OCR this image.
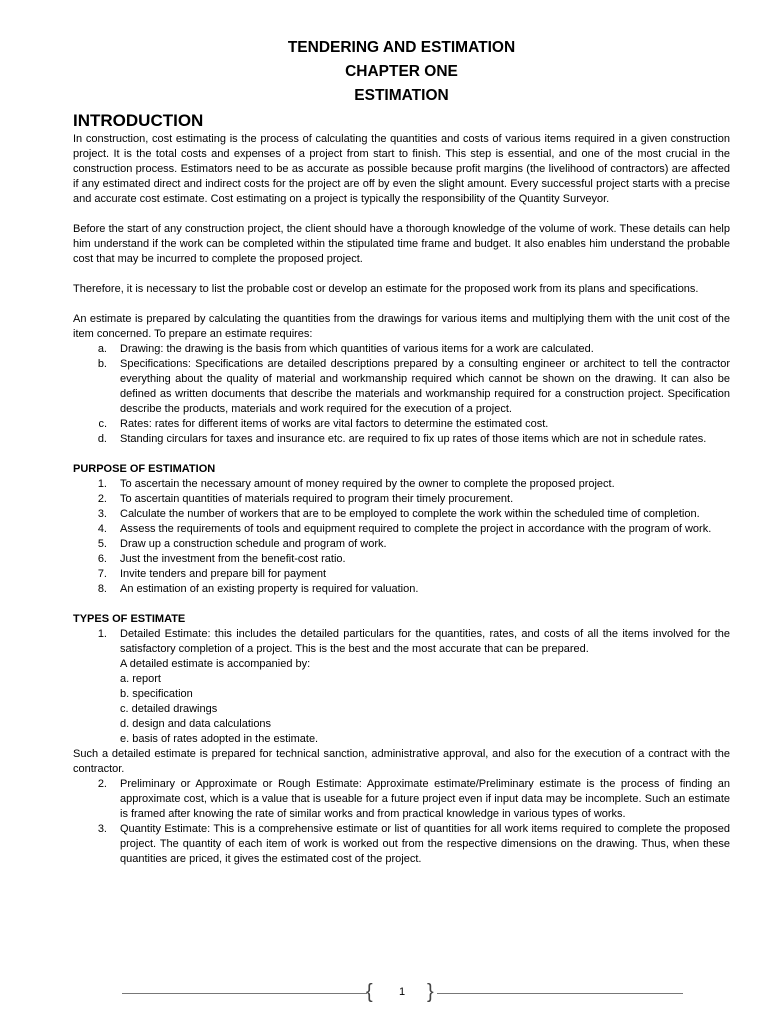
TENDERING AND ESTIMATION

CHAPTER ONE

ESTIMATION

INTRODUCTION

In construction, cost estimating is the process of calculating the quantities and costs of various items required in a given construction project. It is the total costs and expenses of a project from start to finish. This step is essential, and one of the most crucial in the construction process. Estimators need to be as accurate as possible because profit margins (the livelihood of contractors) are affected if any estimated direct and indirect costs for the project are off by even the slight amount. Every successful project starts with a precise and accurate cost estimate. Cost estimating on a project is typically the responsibility of the Quantity Surveyor.

Before the start of any construction project, the client should have a thorough knowledge of the volume of work. These details can help him understand if the work can be completed within the stipulated time frame and budget. It also enables him understand the probable cost that may be incurred to complete the proposed project.

Therefore, it is necessary to list the probable cost or develop an estimate for the proposed work from its plans and specifications.

An estimate is prepared by calculating the quantities from the drawings for various items and multiplying them with the unit cost of the item concerned. To prepare an estimate requires:

a. Drawing: the drawing is the basis from which quantities of various items for a work are calculated.
b. Specifications: Specifications are detailed descriptions prepared by a consulting engineer or architect to tell the contractor everything about the quality of material and workmanship required which cannot be shown on the drawing. It can also be defined as written documents that describe the materials and workmanship required for a construction project. Specification describe the products, materials and work required for the execution of a project.
c. Rates: rates for different items of works are vital factors to determine the estimated cost.
d. Standing circulars for taxes and insurance etc. are required to fix up rates of those items which are not in schedule rates.

PURPOSE OF ESTIMATION

1. To ascertain the necessary amount of money required by the owner to complete the proposed project.
2. To ascertain quantities of materials required to program their timely procurement.
3. Calculate the number of workers that are to be employed to complete the work within the scheduled time of completion.
4. Assess the requirements of tools and equipment required to complete the project in accordance with the program of work.
5. Draw up a construction schedule and program of work.
6. Just the investment from the benefit-cost ratio.
7. Invite tenders and prepare bill for payment
8. An estimation of an existing property is required for valuation.

TYPES OF ESTIMATE

1. Detailed Estimate: this includes the detailed particulars for the quantities, rates, and costs of all the items involved for the satisfactory completion of a project. This is the best and the most accurate that can be prepared.

A detailed estimate is accompanied by:

a. report

b. specification

c. detailed drawings

d. design and data calculations

e. basis of rates adopted in the estimate.

Such a detailed estimate is prepared for technical sanction, administrative approval, and also for the execution of a contract with the contractor.

2. Preliminary or Approximate or Rough Estimate: Approximate estimate/Preliminary estimate is the process of finding an approximate cost, which is a value that is useable for a future project even if input data may be incomplete. Such an estimate is framed after knowing the rate of similar works and from practical knowledge in various types of works.
3. Quantity Estimate: This is a comprehensive estimate or list of quantities for all work items required to complete the proposed project. The quantity of each item of work is worked out from the respective dimensions on the drawing. Thus, when these quantities are priced, it gives the estimated cost of the project.
{	1 }
